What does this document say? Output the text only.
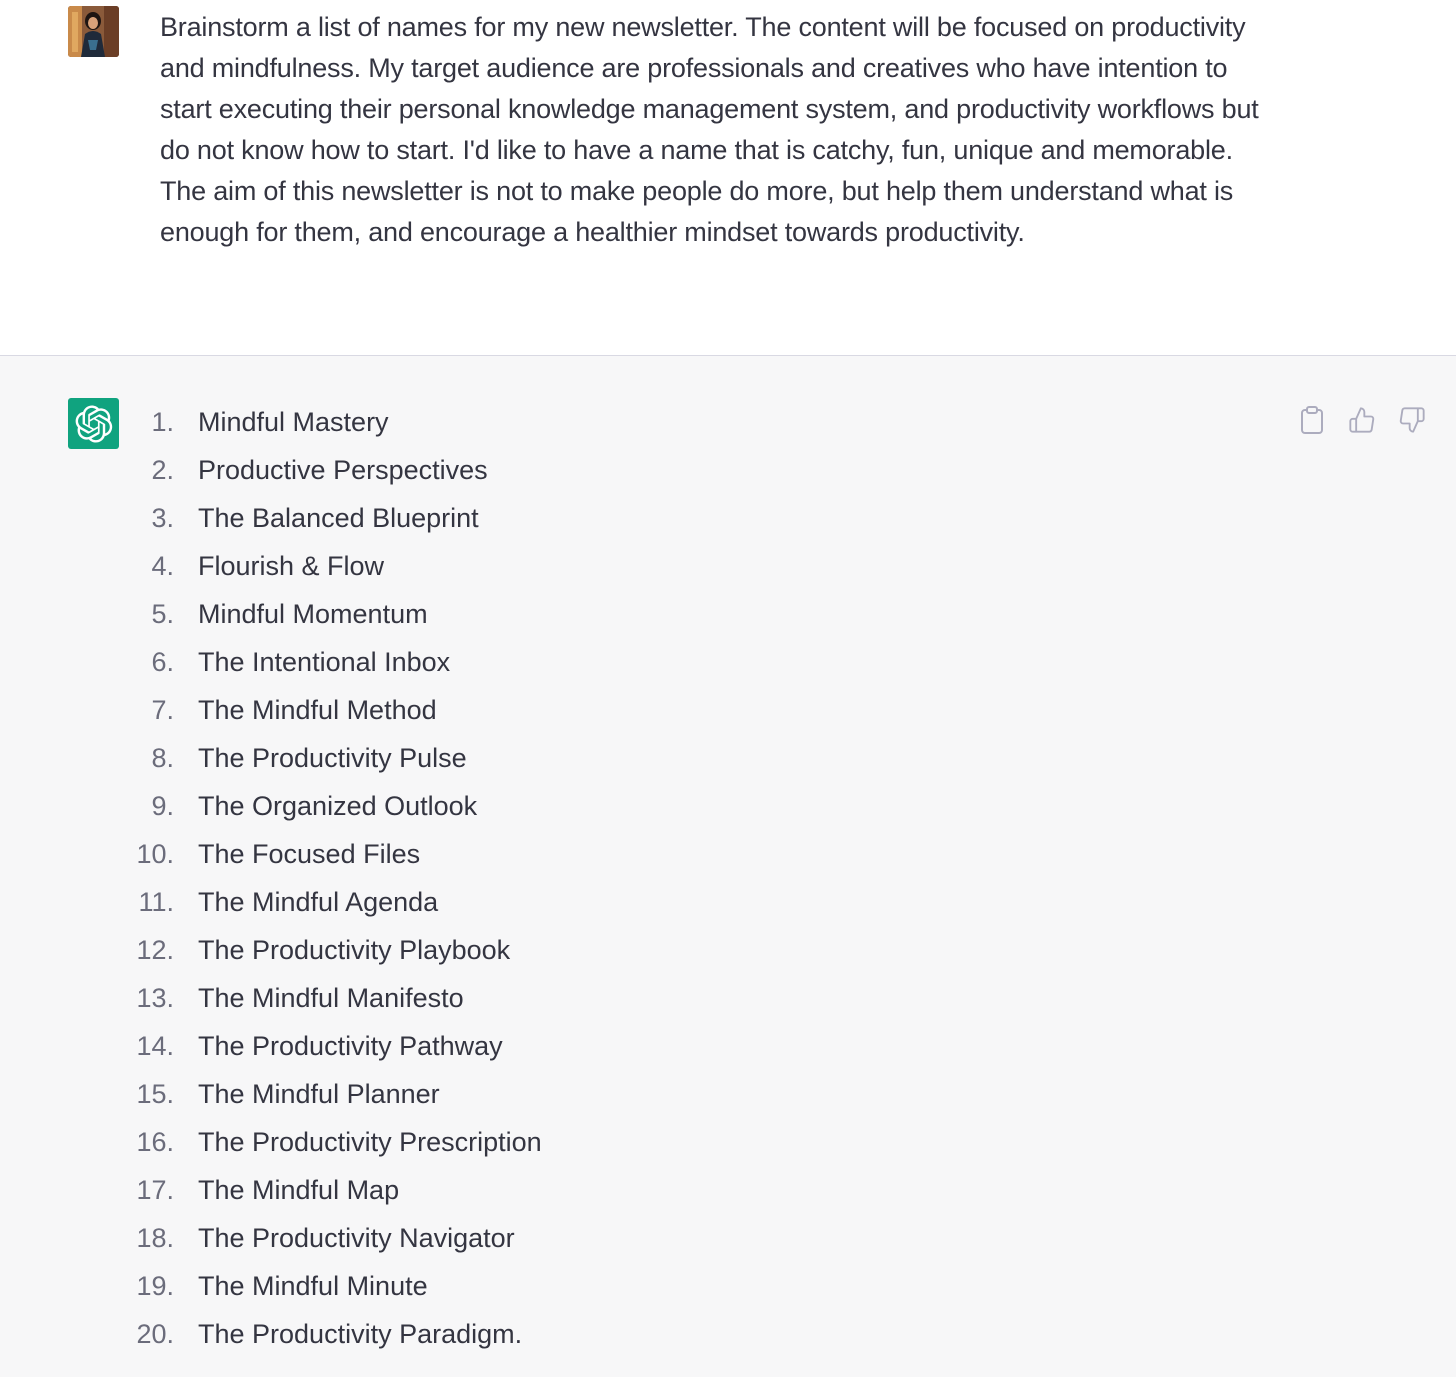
Brainstorm a list of names for my new newsletter. The content will be focused on productivity and mindfulness. My target audience are professionals and creatives who have intention to start executing their personal knowledge management system, and productivity workflows but do not know how to start. I'd like to have a name that is catchy, fun, unique and memorable. The aim of this newsletter is not to make people do more, but help them understand what is enough for them, and encourage a healthier mindset towards productivity.
1. Mindful Mastery
2. Productive Perspectives
3. The Balanced Blueprint
4. Flourish & Flow
5. Mindful Momentum
6. The Intentional Inbox
7. The Mindful Method
8. The Productivity Pulse
9. The Organized Outlook
10. The Focused Files
11. The Mindful Agenda
12. The Productivity Playbook
13. The Mindful Manifesto
14. The Productivity Pathway
15. The Mindful Planner
16. The Productivity Prescription
17. The Mindful Map
18. The Productivity Navigator
19. The Mindful Minute
20. The Productivity Paradigm.
